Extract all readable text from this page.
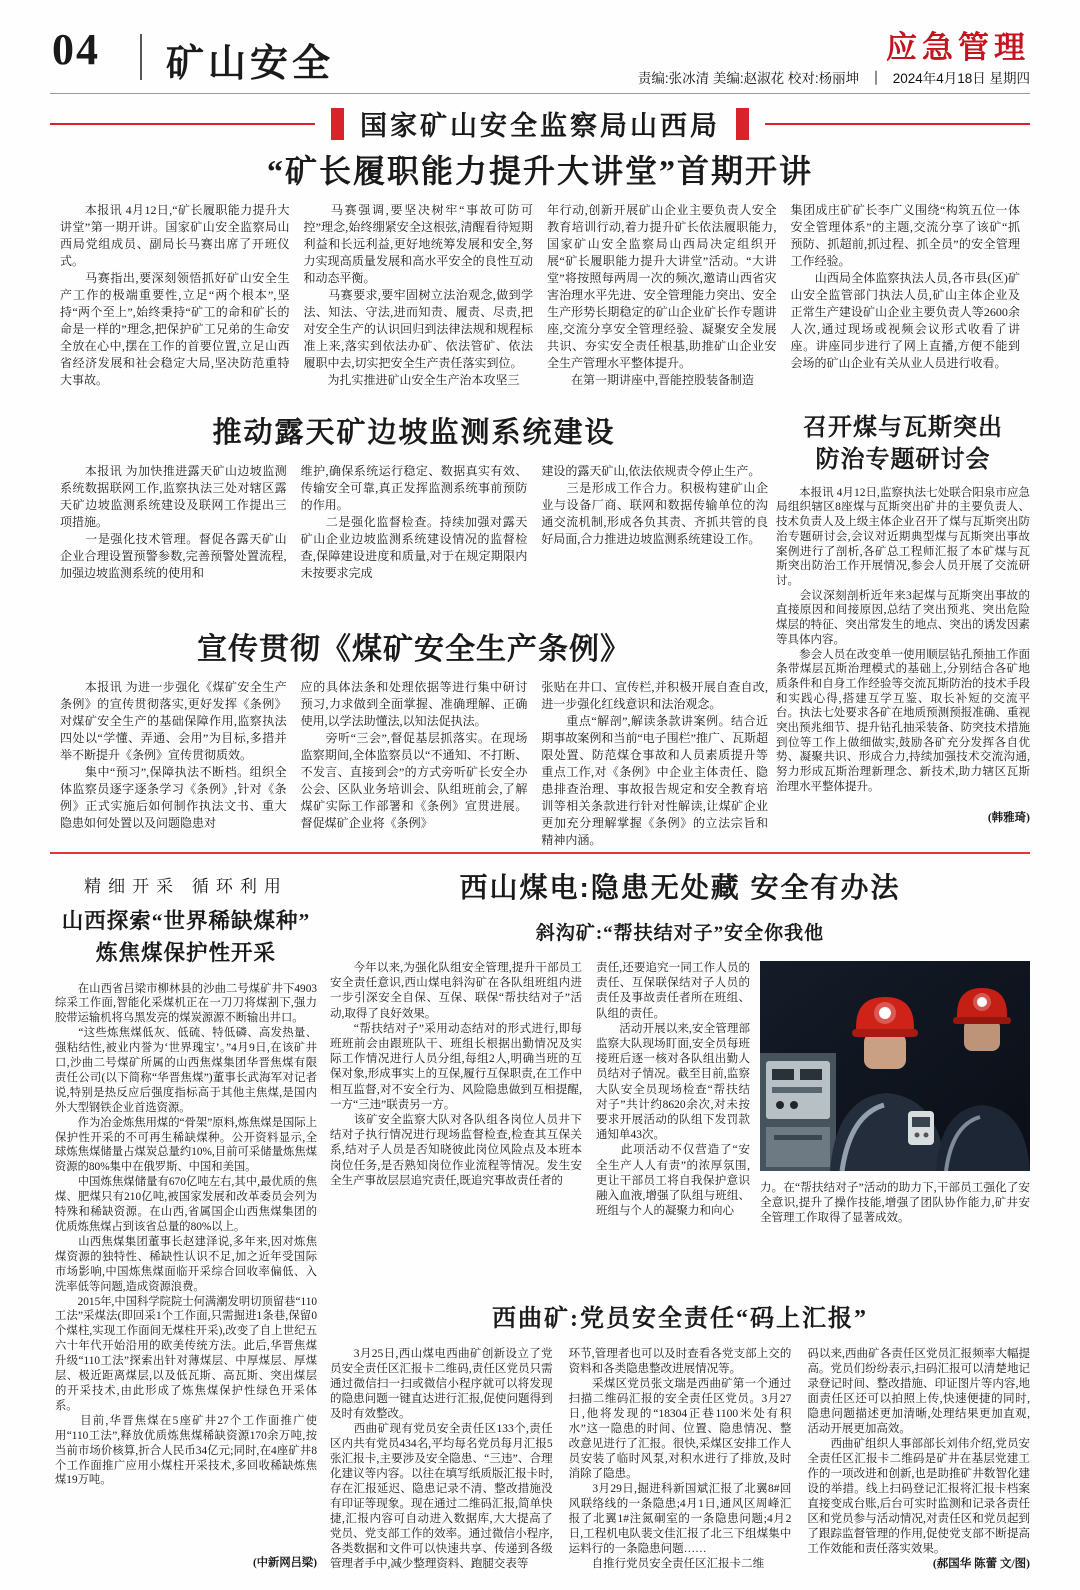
04 矿山安全	应急管理
责编:张冰清 美编:赵淑花 校对:杨丽坤 ｜ 2024年4月18日 星期四
国家矿山安全监察局山西局
“矿长履职能力提升大讲堂”首期开讲

　　本报讯 4月12日,“矿长履职能力提升大讲堂”第一期开讲。国家矿山安全监察局山西局党组成员、副局长马赛出席了开班仪式。

　　马赛指出,要深刻领悟抓好矿山安全生产工作的极端重要性,立足“两个根本”,坚持“两个至上”,始终秉持“矿工的命和矿长的命是一样的”理念,把保护矿工兄弟的生命安全放在心中,摆在工作的首要位置,立足山西省经济发展和社会稳定大局,坚决防范重特大事故。

　　马赛强调,要坚决树牢“事故可防可控”理念,始终绷紧安全这根弦,清醒看待短期利益和长远利益,更好地统筹发展和安全,努力实现高质量发展和高水平安全的良性互动和动态平衡。

　　马赛要求,要牢固树立法治观念,做到学法、知法、守法,进而知责、履责、尽责,把对安全生产的认识回归到法律法规和规程标准上来,落实到依法办矿、依法管矿、依法履职中去,切实把安全生产责任落实到位。

　　为扎实推进矿山安全生产治本攻坚三

年行动,创新开展矿山企业主要负责人安全教育培训行动,着力提升矿长依法履职能力,国家矿山安全监察局山西局决定组织开展“矿长履职能力提升大讲堂”活动。“大讲堂”将按照每两周一次的频次,邀请山西省灾害治理水平先进、安全管理能力突出、安全生产形势长期稳定的矿山企业矿长作专题讲座,交流分享安全管理经验、凝聚安全发展共识、夯实安全责任根基,助推矿山企业安全生产管理水平整体提升。

　　在第一期讲座中,晋能控股装备制造

集团成庄矿矿长李广义围绕“构筑五位一体安全管理体系”的主题,交流分享了该矿“抓预防、抓超前,抓过程、抓全员”的安全管理工作经验。

　　山西局全体监察执法人员,各市县(区)矿山安全监管部门执法人员,矿山主体企业及正常生产建设矿山企业主要负责人等2600余人次,通过现场或视频会议形式收看了讲座。讲座同步进行了网上直播,方便不能到会场的矿山企业有关从业人员进行收看。

推动露天矿边坡监测系统建设

　　本报讯 为加快推进露天矿山边坡监测系统数据联网工作,监察执法三处对辖区露天矿边坡监测系统建设及联网工作提出三项措施。

　　一是强化技术管理。督促各露天矿山企业合理设置预警参数,完善预警处置流程,加强边坡监测系统的使用和

维护,确保系统运行稳定、数据真实有效、传输安全可靠,真正发挥监测系统事前预防的作用。

　　二是强化监督检查。持续加强对露天矿山企业边坡监测系统建设情况的监督检查,保障建设进度和质量,对于在规定期限内未按要求完成

建设的露天矿山,依法依规责令停止生产。

　　三是形成工作合力。积极构建矿山企业与设备厂商、联网和数据传输单位的沟通交流机制,形成各负其责、齐抓共管的良好局面,合力推进边坡监测系统建设工作。

召开煤与瓦斯突出
防治专题研讨会

　　本报讯 4月12日,监察执法七处联合阳泉市应急局组织辖区8座煤与瓦斯突出矿井的主要负责人、技术负责人及上级主体企业召开了煤与瓦斯突出防治专题研讨会,会议对近期典型煤与瓦斯突出事故案例进行了剖析,各矿总工程师汇报了本矿煤与瓦斯突出防治工作开展情况,参会人员开展了交流研讨。

　　会议深刻剖析近年来3起煤与瓦斯突出事故的直接原因和间接原因,总结了突出预兆、突出危险煤层的特征、突出常发生的地点、突出的诱发因素等具体内容。

　　参会人员在改变单一使用顺层钻孔预抽工作面条带煤层瓦斯治理模式的基础上,分别结合各矿地质条件和自身工作经验等交流瓦斯防治的技术手段和实践心得,搭建互学互鉴、取长补短的交流平台。执法七处要求各矿在地质预测预报准确、重视突出预兆细节、提升钻孔抽采装备、防突技术措施到位等工作上做细做实,鼓励各矿充分发挥各自优势、凝聚共识、形成合力,持续加强技术交流沟通,努力形成瓦斯治理新理念、新技术,助力辖区瓦斯治理水平整体提升。

(韩雅琦)
宣传贯彻《煤矿安全生产条例》

　　本报讯 为进一步强化《煤矿安全生产条例》的宣传贯彻落实,更好发挥《条例》对煤矿安全生产的基础保障作用,监察执法四处以“学懂、弄通、会用”为目标,多措并举不断提升《条例》宣传贯彻质效。

　　集中“预习”,保障执法不断档。组织全体监察员逐字逐条学习《条例》,针对《条例》正式实施后如何制作执法文书、重大隐患如何处置以及问题隐患对

应的具体法条和处理依据等进行集中研讨预习,力求做到全面掌握、准确理解、正确使用,以学法助懂法,以知法促执法。

　　旁听“三会”,督促基层抓落实。在现场监察期间,全体监察员以“不通知、不打断、不发言、直接到会”的方式旁听矿长安全办公会、区队业务培训会、队组班前会,了解煤矿实际工作部署和《条例》宣贯进展。督促煤矿企业将《条例》

张贴在井口、宣传栏,并积极开展自查自改,进一步强化红线意识和法治观念。

　　重点“解剖”,解读条款讲案例。结合近期事故案例和当前“电子围栏”推广、瓦斯超限处置、防范煤仓事故和人员素质提升等重点工作,对《条例》中企业主体责任、隐患排查治理、事故报告规定和安全教育培训等相关条款进行针对性解读,让煤矿企业更加充分理解掌握《条例》的立法宗旨和精神内涵。

精细开采 循环利用
山西探索“世界稀缺煤种”
炼焦煤保护性开采

　　在山西省吕梁市柳林县的沙曲二号煤矿井下4903综采工作面,智能化采煤机正在一刀刀将煤割下,强力胶带运输机将乌黑发亮的煤炭源源不断输出井口。

　　“这些炼焦煤低灰、低硫、特低磷、高发热量、强粘结性,被业内誉为‘世界瑰宝’。”4月9日,在该矿井口,沙曲二号煤矿所属的山西焦煤集团华晋焦煤有限责任公司(以下简称“华晋焦煤”)董事长武海军对记者说,特别是热反应后强度指标高于其他主焦煤,是国内外大型钢铁企业首选资源。

　　作为冶金炼焦用煤的“骨架”原料,炼焦煤是国际上保护性开采的不可再生稀缺煤种。公开资料显示,全球炼焦煤储量占煤炭总量约10%,目前可采储量炼焦煤资源的80%集中在俄罗斯、中国和美国。

　　中国炼焦煤储量有670亿吨左右,其中,最优质的焦煤、肥煤只有210亿吨,被国家发展和改革委员会列为特殊和稀缺资源。在山西,省属国企山西焦煤集团的优质炼焦煤占到该省总量的80%以上。

　　山西焦煤集团董事长赵建泽说,多年来,因对炼焦煤资源的独特性、稀缺性认识不足,加之近年受国际市场影响,中国炼焦煤面临开采综合回收率偏低、入洗率低等问题,造成资源浪费。

　　2015年,中国科学院院士何满潮发明切顶留巷“110工法”采煤法(即回采1个工作面,只需掘进1条巷,保留0个煤柱,实现工作面间无煤柱开采),改变了自上世纪五六十年代开始沿用的欧美传统方法。此后,华晋焦煤升级“110工法”探索出针对薄煤层、中厚煤层、厚煤层、极近距离煤层,以及低瓦斯、高瓦斯、突出煤层的开采技术,由此形成了炼焦煤保护性绿色开采体系。

　　目前,华晋焦煤在5座矿井27个工作面推广使用“110工法”,释放优质炼焦煤稀缺资源170余万吨,按当前市场价核算,折合人民币34亿元;同时,在4座矿井8个工作面推广应用小煤柱开采技术,多回收稀缺炼焦煤19万吨。

(中新网吕梁)
西山煤电:隐患无处藏 安全有办法
斜沟矿:“帮扶结对子”安全你我他

　　今年以来,为强化队组安全管理,提升干部员工安全责任意识,西山煤电斜沟矿在各队组班组内进一步引深安全自保、互保、联保“帮扶结对子”活动,取得了良好效果。

　　“帮扶结对子”采用动态结对的形式进行,即每班班前会由跟班队干、班组长根据出勤情况及实际工作情况进行人员分组,每组2人,明确当班的互保对象,形成事实上的互保,履行互保职责,在工作中相互监督,对不安全行为、风险隐患做到互相提醒,一方“三违”联责另一方。

　　该矿安全监察大队对各队组各岗位人员井下结对子执行情况进行现场监督检查,检查其互保关系,结对子人员是否知晓彼此岗位风险点及本班本岗位任务,是否熟知岗位作业流程等情况。发生安全生产事故层层追究责任,既追究事故责任者的

责任,还要追究一同工作人员的责任、互保联保结对子人员的责任及事故责任者所在班组、队组的责任。

　　活动开展以来,安全管理部监察大队现场盯面,安全员每班接班后逐一核对各队组出勤人员结对子情况。截至目前,监察大队安全员现场检查“帮扶结对子”共计约8620余次,对未按要求开展活动的队组下发罚款通知单43次。

　　此项活动不仅营造了“安全生产人人有责”的浓厚氛围,更让干部员工将自我保护意识融入血液,增强了队组与班组、班组与个人的凝聚力和向心

力。在“帮扶结对子”活动的助力下,干部员工强化了安全意识,提升了操作技能,增强了团队协作能力,矿井安全管理工作取得了显著成效。

西曲矿:党员安全责任“码上汇报”

　　3月25日,西山煤电西曲矿创新设立了党员安全责任区汇报卡二维码,责任区党员只需通过微信扫一扫或微信小程序就可以将发现的隐患问题一键直达进行汇报,促使问题得到及时有效整改。

　　西曲矿现有党员安全责任区133个,责任区内共有党员434名,平均每名党员每月汇报5张汇报卡,主要涉及安全隐患、“三违”、合理化建议等内容。以往在填写纸质版汇报卡时,存在汇报延迟、隐患记录不清、整改措施没有印证等现象。现在通过二维码汇报,简单快捷,汇报内容可自动进入数据库,大大提高了党员、党支部工作的效率。通过微信小程序,各类数据和文件可以快速共享、传递到各级管理者手中,减少整理资料、跑腿交表等

环节,管理者也可以及时查看各党支部上交的资料和各类隐患整改进展情况等。

　　采煤区党员张文瑞是西曲矿第一个通过扫描二维码汇报的安全责任区党员。3月27日,他将发现的“18304正巷1100米处有积水”这一隐患的时间、位置、隐患情况、整改意见进行了汇报。很快,采煤区安排工作人员安装了临时风泵,对积水进行了排放,及时消除了隐患。

　　3月29日,掘进科新国斌汇报了北翼8#回风联络线的一条隐患;4月1日,通风区周峰汇报了北翼1#注氮硐室的一条隐患问题;4月2日,工程机电队裴文佳汇报了北三下组煤集中运料行的一条隐患问题……

　　自推行党员安全责任区汇报卡二维

码以来,西曲矿各责任区党员汇报频率大幅提高。党员们纷纷表示,扫码汇报可以清楚地记录登记时间、整改措施、印证图片等内容,地面责任区还可以拍照上传,快速便捷的同时,隐患问题描述更加清晰,处理结果更加直观,活动开展更加高效。

　　西曲矿组织人事部部长刘伟介绍,党员安全责任区汇报卡二维码是矿井在基层党建工作的一项改进和创新,也是助推矿井数智化建设的举措。线上扫码登记汇报将汇报卡档案直接变成台账,后台可实时监测和记录各责任区和党员参与活动情况,对责任区和党员起到了跟踪监督管理的作用,促使党支部不断提高工作效能和责任落实效果。

(郝国华 陈蕾 文/图)
